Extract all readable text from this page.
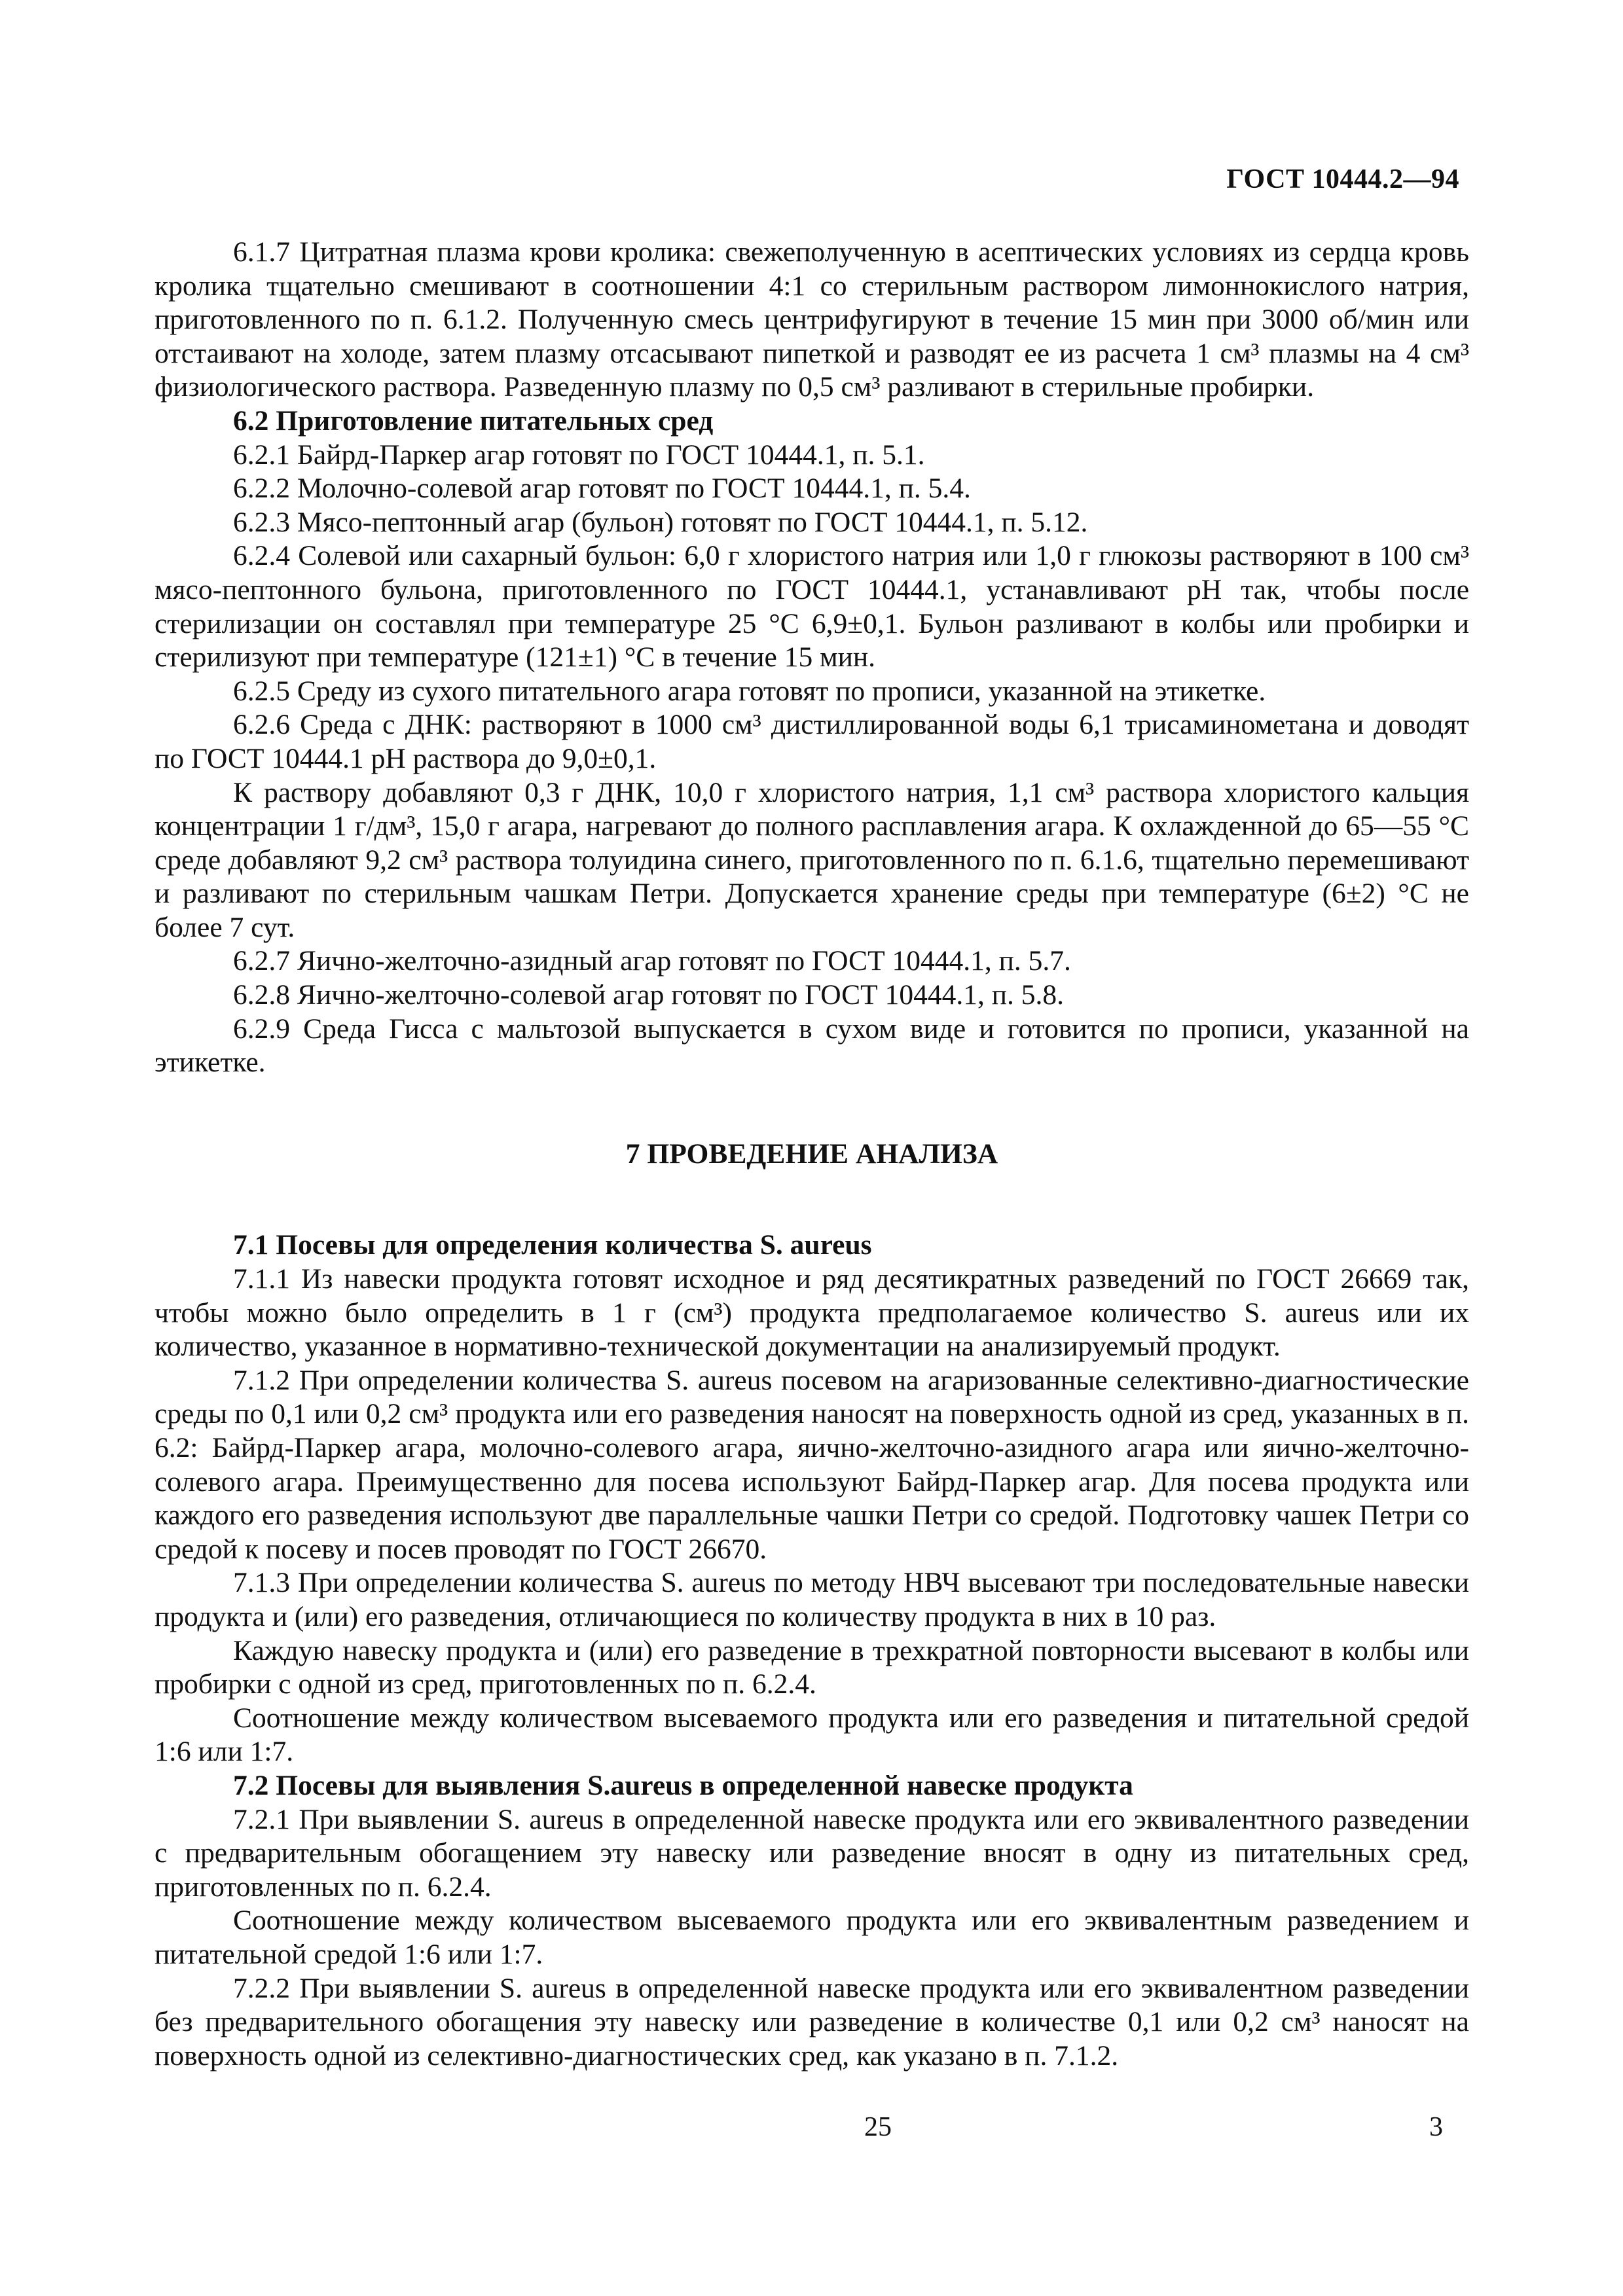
ГОСТ 10444.2—94

6.1.7 Цитратная плазма крови кролика: свежеполученную в асептических условиях из сердца кровь кролика тщательно смешивают в соотношении 4:1 со стерильным раствором лимоннокислого натрия, приготовленного по п. 6.1.2. Полученную смесь центрифугируют в течение 15 мин при 3000 об/мин или отстаивают на холоде, затем плазму отсасывают пипеткой и разводят ее из расчета 1 см³ плазмы на 4 см³ физиологического раствора. Разведенную плазму по 0,5 см³ разливают в стерильные пробирки.

6.2 Приготовление питательных сред

6.2.1 Байрд-Паркер агар готовят по ГОСТ 10444.1, п. 5.1.

6.2.2 Молочно-солевой агар готовят по ГОСТ 10444.1, п. 5.4.

6.2.3 Мясо-пептонный агар (бульон) готовят по ГОСТ 10444.1, п. 5.12.

6.2.4 Солевой или сахарный бульон: 6,0 г хлористого натрия или 1,0 г глюкозы растворяют в 100 см³ мясо-пептонного бульона, приготовленного по ГОСТ 10444.1, устанавливают pH так, чтобы после стерилизации он составлял при температуре 25 °С 6,9±0,1. Бульон разливают в колбы или пробирки и стерилизуют при температуре (121±1) °С в течение 15 мин.

6.2.5 Среду из сухого питательного агара готовят по прописи, указанной на этикетке.

6.2.6 Среда с ДНК: растворяют в 1000 см³ дистиллированной воды 6,1 трисаминометана и доводят по ГОСТ 10444.1 pH раствора до 9,0±0,1.

К раствору добавляют 0,3 г ДНК, 10,0 г хлористого натрия, 1,1 см³ раствора хлористого кальция концентрации 1 г/дм³, 15,0 г агара, нагревают до полного расплавления агара. К охлажденной до 65—55 °С среде добавляют 9,2 см³ раствора толуидина синего, приготовленного по п. 6.1.6, тщательно перемешивают и разливают по стерильным чашкам Петри. Допускается хранение среды при температуре (6±2) °С не более 7 сут.

6.2.7 Яично-желточно-азидный агар готовят по ГОСТ 10444.1, п. 5.7.

6.2.8 Яично-желточно-солевой агар готовят по ГОСТ 10444.1, п. 5.8.

6.2.9 Среда Гисса с мальтозой выпускается в сухом виде и готовится по прописи, указанной на этикетке.

7 ПРОВЕДЕНИЕ АНАЛИЗА
7.1 Посевы для определения количества S. aureus

7.1.1 Из навески продукта готовят исходное и ряд десятикратных разведений по ГОСТ 26669 так, чтобы можно было определить в 1 г (см³) продукта предполагаемое количество S. aureus или их количество, указанное в нормативно-технической документации на анализируемый продукт.

7.1.2 При определении количества S. aureus посевом на агаризованные селективно-диагностические среды по 0,1 или 0,2 см³ продукта или его разведения наносят на поверхность одной из сред, указанных в п. 6.2: Байрд-Паркер агара, молочно-солевого агара, яично-желточно-азидного агара или яично-желточно-солевого агара. Преимущественно для посева используют Байрд-Паркер агар. Для посева продукта или каждого его разведения используют две параллельные чашки Петри со средой. Подготовку чашек Петри со средой к посеву и посев проводят по ГОСТ 26670.

7.1.3 При определении количества S. aureus по методу НВЧ высевают три последовательные навески продукта и (или) его разведения, отличающиеся по количеству продукта в них в 10 раз.

Каждую навеску продукта и (или) его разведение в трехкратной повторности высевают в колбы или пробирки с одной из сред, приготовленных по п. 6.2.4.

Соотношение между количеством высеваемого продукта или его разведения и питательной средой 1:6 или 1:7.

7.2 Посевы для выявления S.aureus в определенной навеске продукта

7.2.1 При выявлении S. aureus в определенной навеске продукта или его эквивалентного разведении с предварительным обогащением эту навеску или разведение вносят в одну из питательных сред, приготовленных по п. 6.2.4.

Соотношение между количеством высеваемого продукта или его эквивалентным разведением и питательной средой 1:6 или 1:7.

7.2.2 При выявлении S. aureus в определенной навеске продукта или его эквивалентном разведении без предварительного обогащения эту навеску или разведение в количестве 0,1 или 0,2 см³ наносят на поверхность одной из селективно-диагностических сред, как указано в п. 7.1.2.

25	3
